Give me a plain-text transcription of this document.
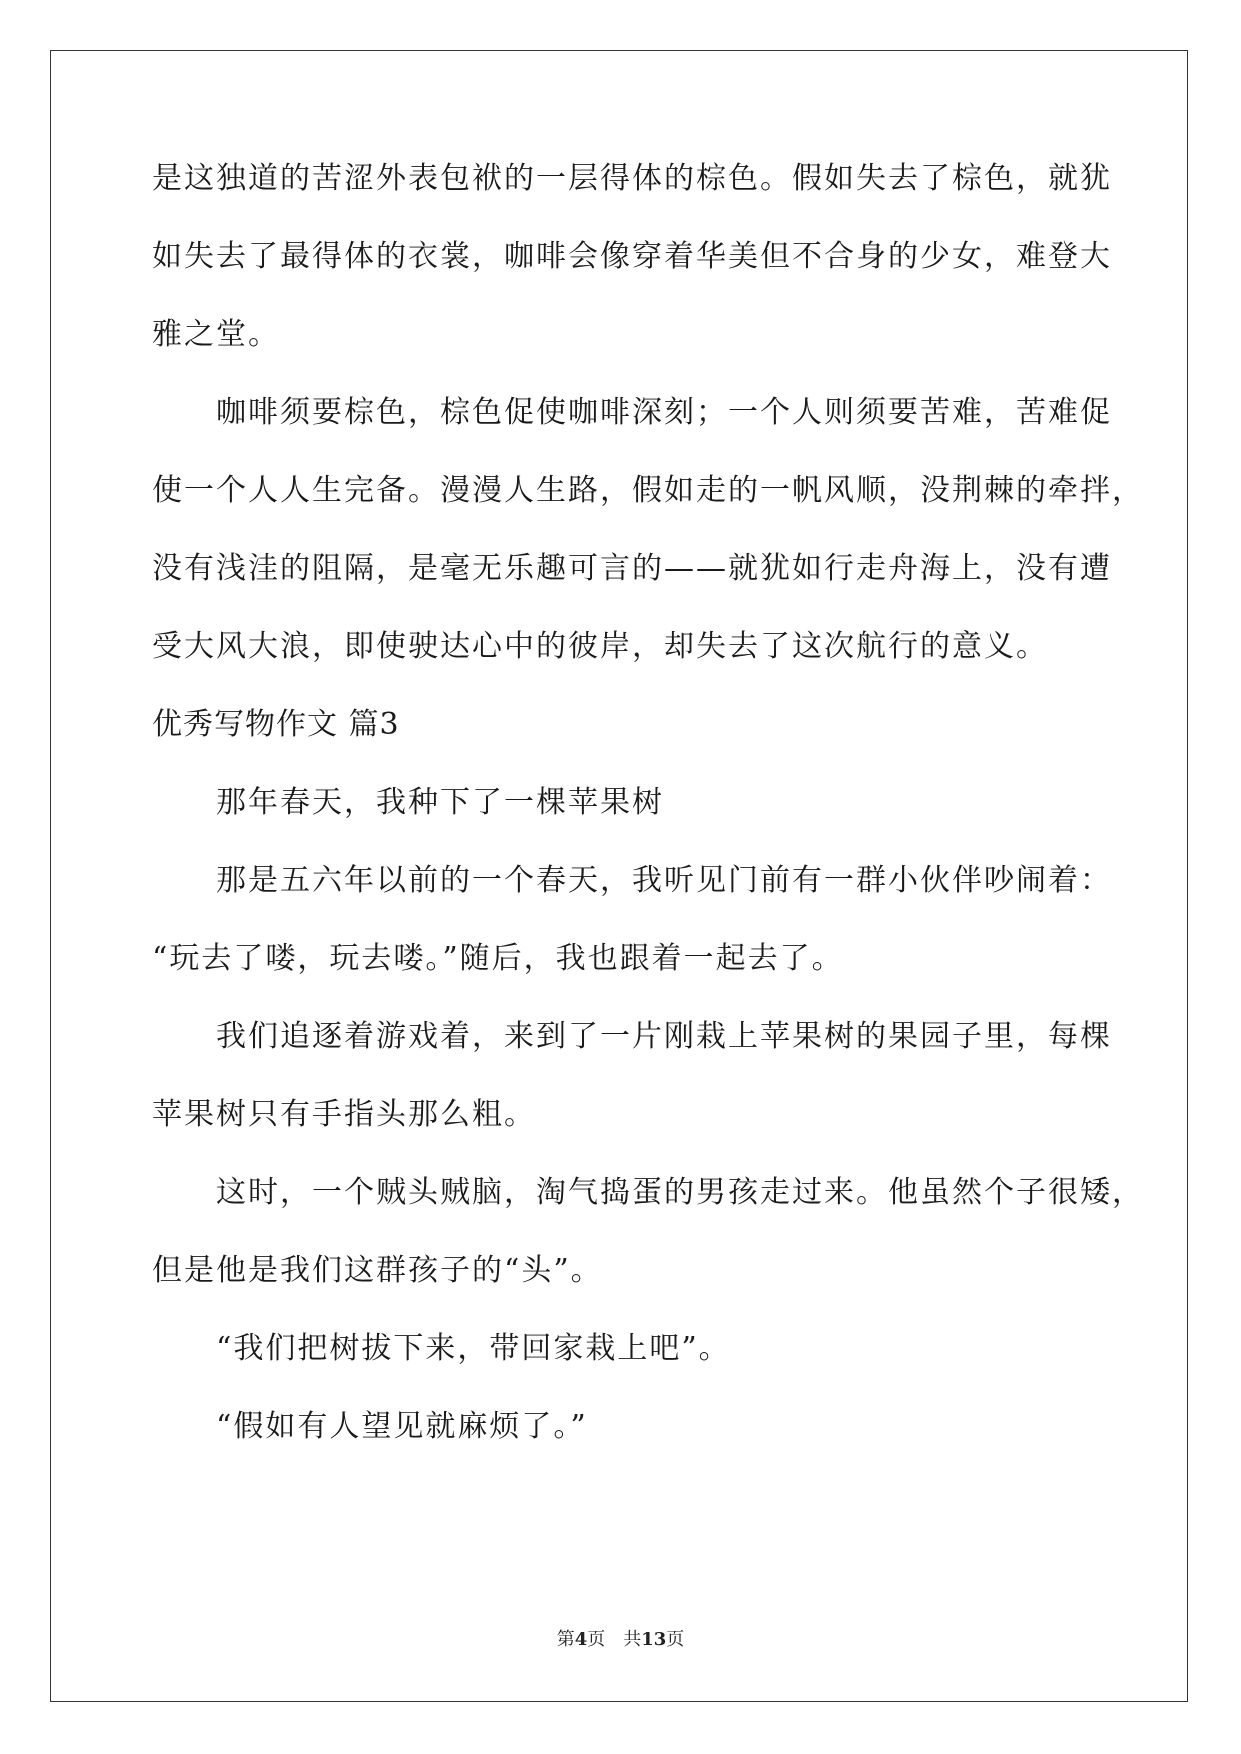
是这独道的苦涩外表包袱的一层得体的棕色。假如失去了棕色，就犹
如失去了最得体的衣裳，咖啡会像穿着华美但不合身的少女，难登大
雅之堂。
咖啡须要棕色，棕色促使咖啡深刻；一个人则须要苦难，苦难促
使一个人人生完备。漫漫人生路，假如走的一帆风顺，没荆棘的牵拌，
没有浅洼的阻隔，是毫无乐趣可言的——就犹如行走舟海上，没有遭
受大风大浪，即使驶达心中的彼岸，却失去了这次航行的意义。
优秀写物作文 篇3
那年春天，我种下了一棵苹果树
那是五六年以前的一个春天，我听见门前有一群小伙伴吵闹着：
“玩去了喽，玩去喽。”随后，我也跟着一起去了。
我们追逐着游戏着，来到了一片刚栽上苹果树的果园子里，每棵
苹果树只有手指头那么粗。
这时，一个贼头贼脑，淘气捣蛋的男孩走过来。他虽然个子很矮，
但是他是我们这群孩子的“头”。
“我们把树拔下来，带回家栽上吧”。
“假如有人望见就麻烦了。”
第4页 共13页
